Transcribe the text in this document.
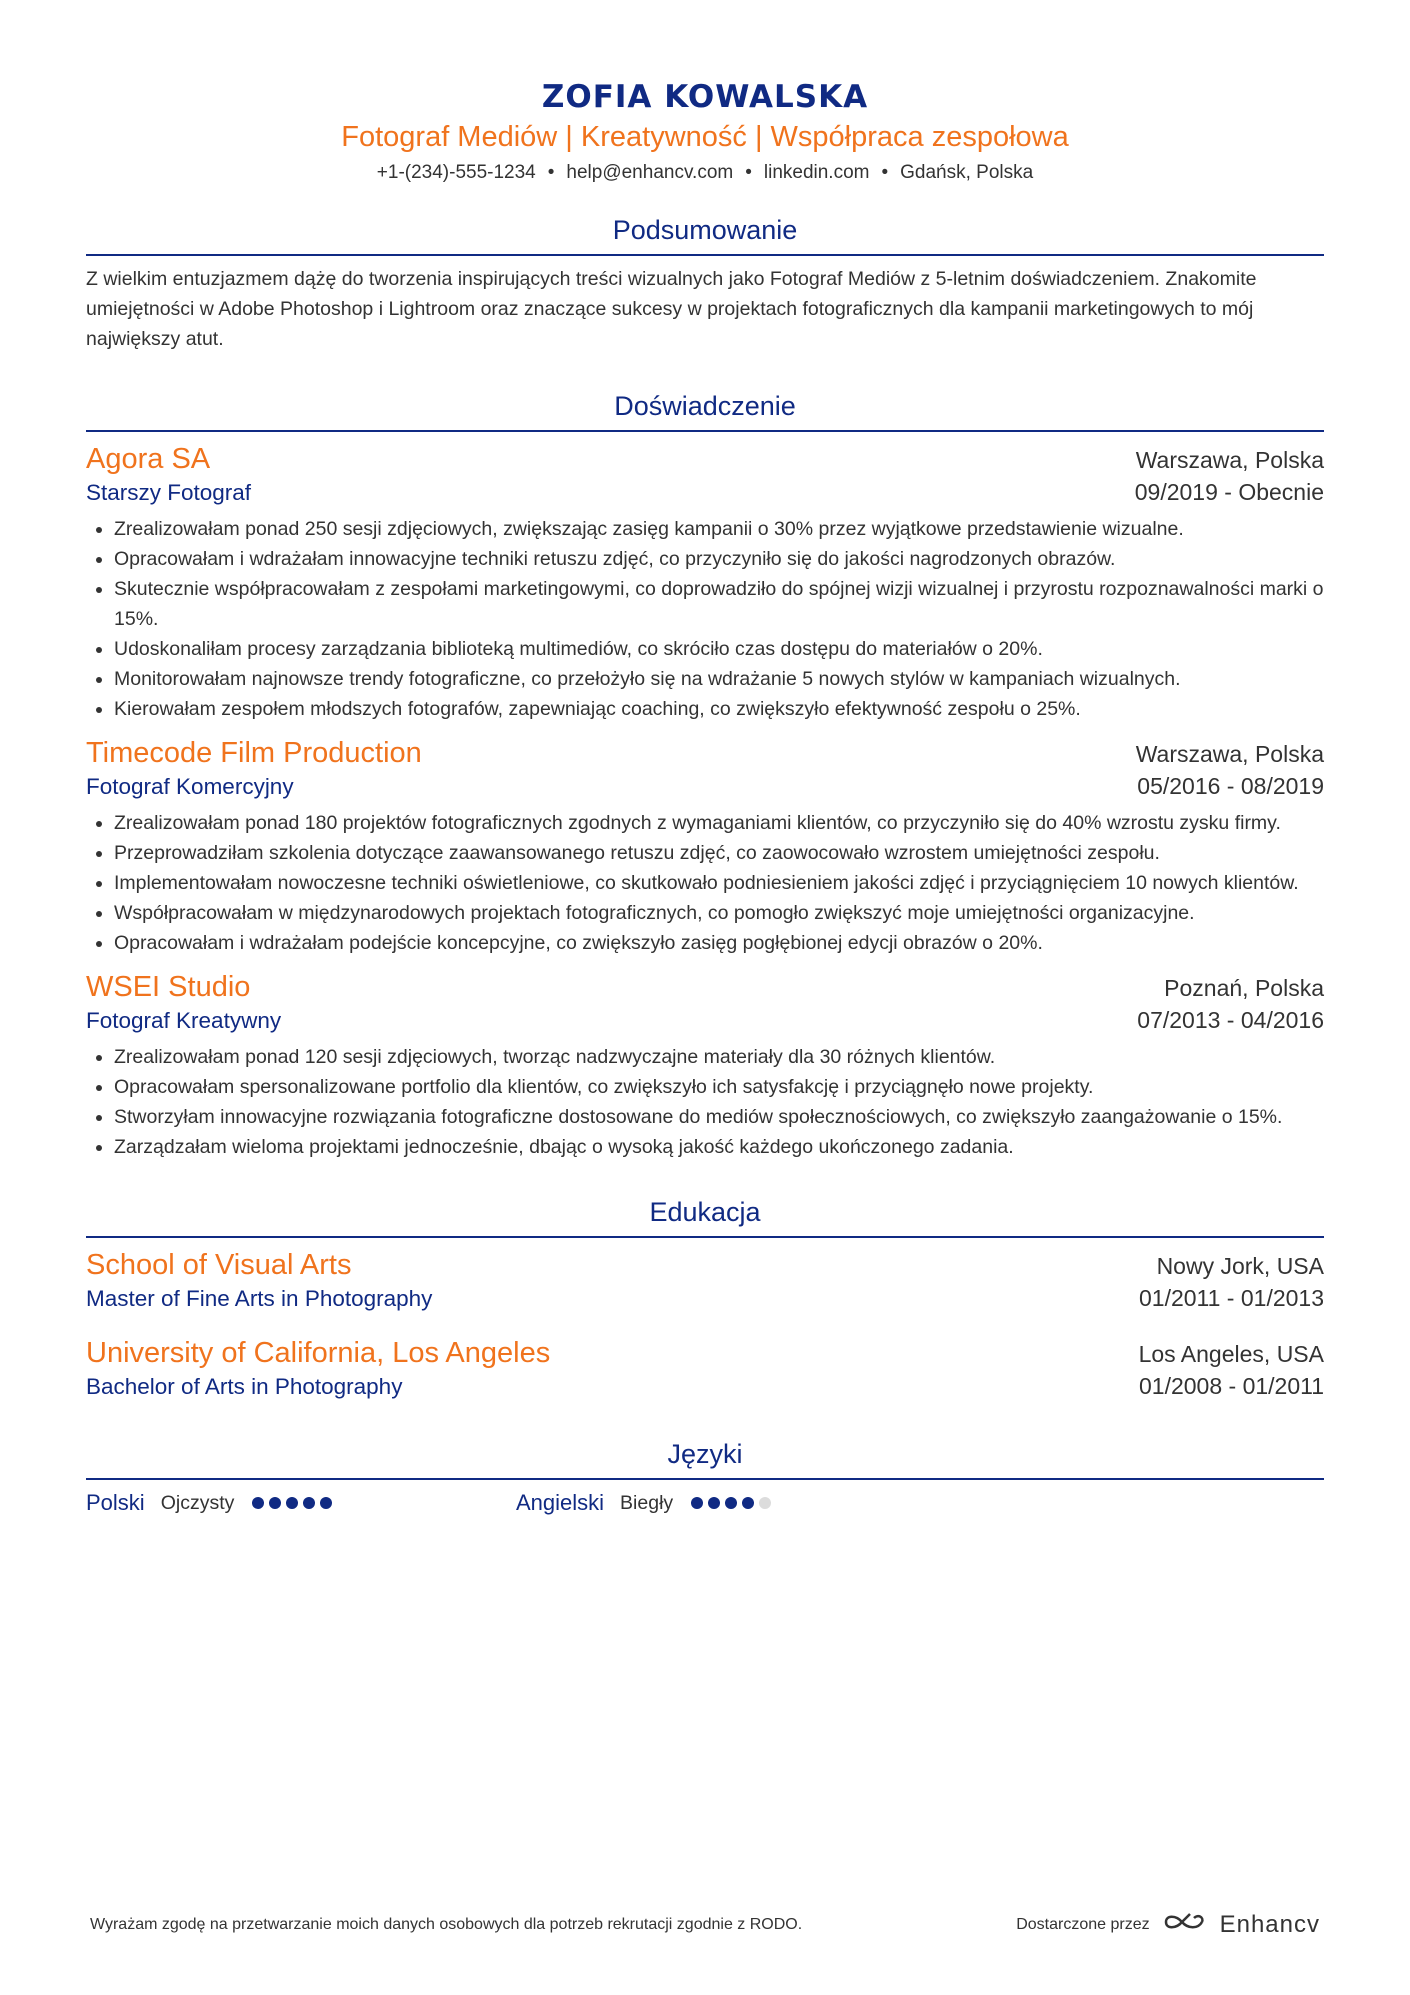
ZOFIA KOWALSKA
Fotograf Mediów | Kreatywność | Współpraca zespołowa
+1-(234)-555-1234 • help@enhancv.com • linkedin.com • Gdańsk, Polska
Podsumowanie
Z wielkim entuzjazmem dążę do tworzenia inspirujących treści wizualnych jako Fotograf Mediów z 5-letnim doświadczeniem. Znakomite umiejętności w Adobe Photoshop i Lightroom oraz znaczące sukcesy w projektach fotograficznych dla kampanii marketingowych to mój największy atut.
Doświadczenie
Agora SA	Warszawa, Polska
Starszy Fotograf	09/2019 - Obecnie
• Zrealizowałam ponad 250 sesji zdjęciowych, zwiększając zasięg kampanii o 30% przez wyjątkowe przedstawienie wizualne.
• Opracowałam i wdrażałam innowacyjne techniki retuszu zdjęć, co przyczyniło się do jakości nagrodzonych obrazów.
• Skutecznie współpracowałam z zespołami marketingowymi, co doprowadziło do spójnej wizji wizualnej i przyrostu rozpoznawalności marki o 15%.
• Udoskonaliłam procesy zarządzania biblioteką multimediów, co skróciło czas dostępu do materiałów o 20%.
• Monitorowałam najnowsze trendy fotograficzne, co przełożyło się na wdrażanie 5 nowych stylów w kampaniach wizualnych.
• Kierowałam zespołem młodszych fotografów, zapewniając coaching, co zwiększyło efektywność zespołu o 25%.
Timecode Film Production	Warszawa, Polska
Fotograf Komercyjny	05/2016 - 08/2019
• Zrealizowałam ponad 180 projektów fotograficznych zgodnych z wymaganiami klientów, co przyczyniło się do 40% wzrostu zysku firmy.
• Przeprowadziłam szkolenia dotyczące zaawansowanego retuszu zdjęć, co zaowocowało wzrostem umiejętności zespołu.
• Implementowałam nowoczesne techniki oświetleniowe, co skutkowało podniesieniem jakości zdjęć i przyciągnięciem 10 nowych klientów.
• Współpracowałam w międzynarodowych projektach fotograficznych, co pomogło zwiększyć moje umiejętności organizacyjne.
• Opracowałam i wdrażałam podejście koncepcyjne, co zwiększyło zasięg pogłębionej edycji obrazów o 20%.
WSEI Studio	Poznań, Polska
Fotograf Kreatywny	07/2013 - 04/2016
• Zrealizowałam ponad 120 sesji zdjęciowych, tworząc nadzwyczajne materiały dla 30 różnych klientów.
• Opracowałam spersonalizowane portfolio dla klientów, co zwiększyło ich satysfakcję i przyciągnęło nowe projekty.
• Stworzyłam innowacyjne rozwiązania fotograficzne dostosowane do mediów społecznościowych, co zwiększyło zaangażowanie o 15%.
• Zarządzałam wieloma projektami jednocześnie, dbając o wysoką jakość każdego ukończonego zadania.
Edukacja
School of Visual Arts	Nowy Jork, USA
Master of Fine Arts in Photography	01/2011 - 01/2013
University of California, Los Angeles	Los Angeles, USA
Bachelor of Arts in Photography	01/2008 - 01/2011
Języki
Polski Ojczysty	Angielski Biegły
Wyrażam zgodę na przetwarzanie moich danych osobowych dla potrzeb rekrutacji zgodnie z RODO.	Dostarczone przez	Enhancv
